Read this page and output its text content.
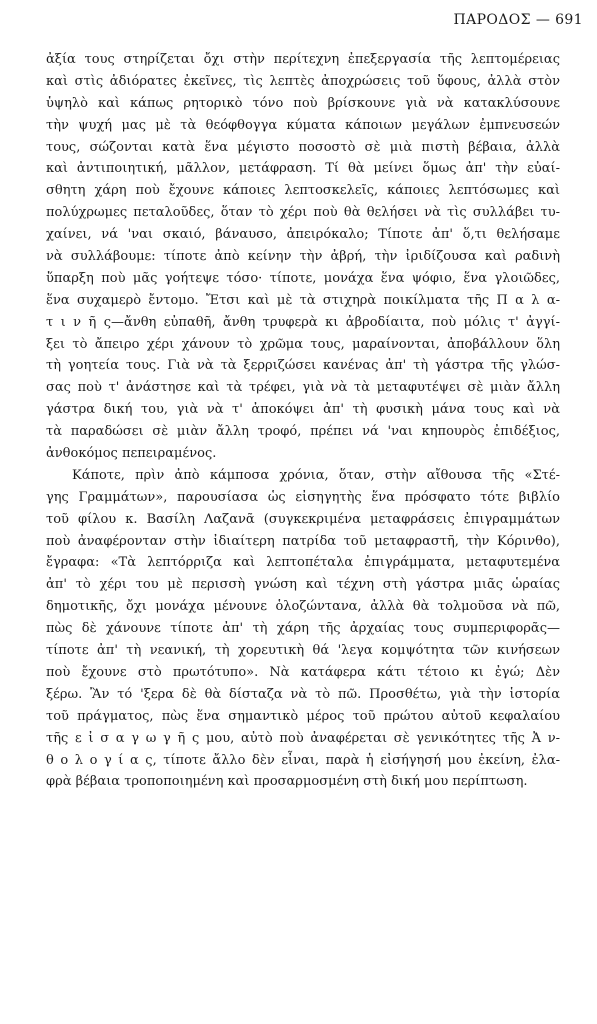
ΠΑΡΟΔΟΣ — 691
ἀξία τους στηρίζεται ὄχι στὴν περίτεχνη ἐπεξεργασία τῆς λεπτομέρειας
καὶ στὶς ἀδιόρατες ἐκεῖνες, τὶς λεπτὲς ἀποχρώσεις τοῦ ὕφους, ἀλλὰ στὸν
ὑψηλὸ καὶ κάπως ρητορικὸ τόνο ποὺ βρίσκουνε γιὰ νὰ κατακλύσουνε
τὴν ψυχή μας μὲ τὰ θεόφθογγα κύματα κάποιων μεγάλων ἐμπνευσεών
τους, σώζονται κατὰ ἕνα μέγιστο ποσοστὸ σὲ μιὰ πιστὴ βέβαια, ἀλλὰ
καὶ ἀντιποιητική, μᾶλλον, μετάφραση. Τί θὰ μείνει ὅμως ἀπ' τὴν εὐαί-
σθητη χάρη ποὺ ἔχουνε κάποιες λεπτοσκελεῖς, κάποιες λεπτόσωμες καὶ
πολύχρωμες πεταλοῦδες, ὅταν τὸ χέρι ποὺ θὰ θελήσει νὰ τὶς συλλάβει τυ-
χαίνει, νά 'ναι σκαιό, βάναυσο, ἀπειρόκαλο; Τίποτε ἀπ' ὅ,τι θελήσαμε
νὰ συλλάβουμε: τίποτε ἀπὸ κείνην τὴν ἀβρή, τὴν ἰριδίζουσα καὶ ραδινὴ
ὕπαρξη ποὺ μᾶς γοήτεψε τόσο· τίποτε, μονάχα ἕνα ψόφιο, ἕνα γλοιῶδες,
ἕνα συχαμερὸ ἔντομο. Ἔτσι καὶ μὲ τὰ στιχηρὰ ποικίλματα τῆς Π α λ α-
τ ι ν ῆ ς—ἄνθη εὐπαθῆ, ἄνθη τρυφερὰ κι ἀβροδίαιτα, ποὺ μόλις τ' ἀγγί-
ξει τὸ ἄπειρο χέρι χάνουν τὸ χρῶμα τους, μαραίνονται, ἀποβάλλουν ὅλη
τὴ γοητεία τους. Γιὰ νὰ τὰ ξερριζώσει κανένας ἀπ' τὴ γάστρα τῆς γλώσ-
σας ποὺ τ' ἀνάστησε καὶ τὰ τρέφει, γιὰ νὰ τὰ μεταφυτέψει σὲ μιὰν ἄλλη
γάστρα δική του, γιὰ νὰ τ' ἀποκόψει ἀπ' τὴ φυσικὴ μάνα τους καὶ νὰ
τὰ παραδώσει σὲ μιὰν ἄλλη τροφό, πρέπει νά 'ναι κηπουρὸς ἐπιδέξιος,
ἀνθοκόμος πεπειραμένος.
Κάποτε, πρὶν ἀπὸ κάμποσα χρόνια, ὅταν, στὴν αἴθουσα τῆς «Στέ-
γης Γραμμάτων», παρουσίασα ὡς εἰσηγητὴς ἕνα πρόσφατο τότε βιβλίο
τοῦ φίλου κ. Βασίλη Λαζανᾶ (συγκεκριμένα μεταφράσεις ἐπιγραμμάτων
ποὺ ἀναφέρονταν στὴν ἰδιαίτερη πατρίδα τοῦ μεταφραστῆ, τὴν Κόρινθο),
ἔγραφα: «Τὰ λεπτόρριζα καὶ λεπτοπέταλα ἐπιγράμματα, μεταφυτεμένα
ἀπ' τὸ χέρι του μὲ περισσὴ γνώση καὶ τέχνη στὴ γάστρα μιᾶς ὡραίας
δημοτικῆς, ὄχι μονάχα μένουνε ὁλοζώντανα, ἀλλὰ θὰ τολμοῦσα νὰ πῶ,
πὼς δὲ χάνουνε τίποτε ἀπ' τὴ χάρη τῆς ἀρχαίας τους συμπεριφορᾶς—
τίποτε ἀπ' τὴ νεανική, τὴ χορευτικὴ θά 'λεγα κομψότητα τῶν κινήσεων
ποὺ ἔχουνε στὸ πρωτότυπο». Νὰ κατάφερα κάτι τέτοιο κι ἐγώ; Δὲν
ξέρω. Ἂν τό 'ξερα δὲ θὰ δίσταζα νὰ τὸ πῶ. Προσθέτω, γιὰ τὴν ἱστορία
τοῦ πράγματος, πὼς ἕνα σημαντικὸ μέρος τοῦ πρώτου αὐτοῦ κεφαλαίου
τῆς ε ἰ σ α γ ω γ ῆ ς μου, αὐτὸ ποὺ ἀναφέρεται σὲ γενικότητες τῆς Ἀ ν-
θ ο λ ο γ ί α ς, τίποτε ἄλλο δὲν εἶναι, παρὰ ἡ εἰσήγησή μου ἐκείνη, ἐλα-
φρὰ βέβαια τροποποιημένη καὶ προσαρμοσμένη στὴ δική μου περίπτωση.
